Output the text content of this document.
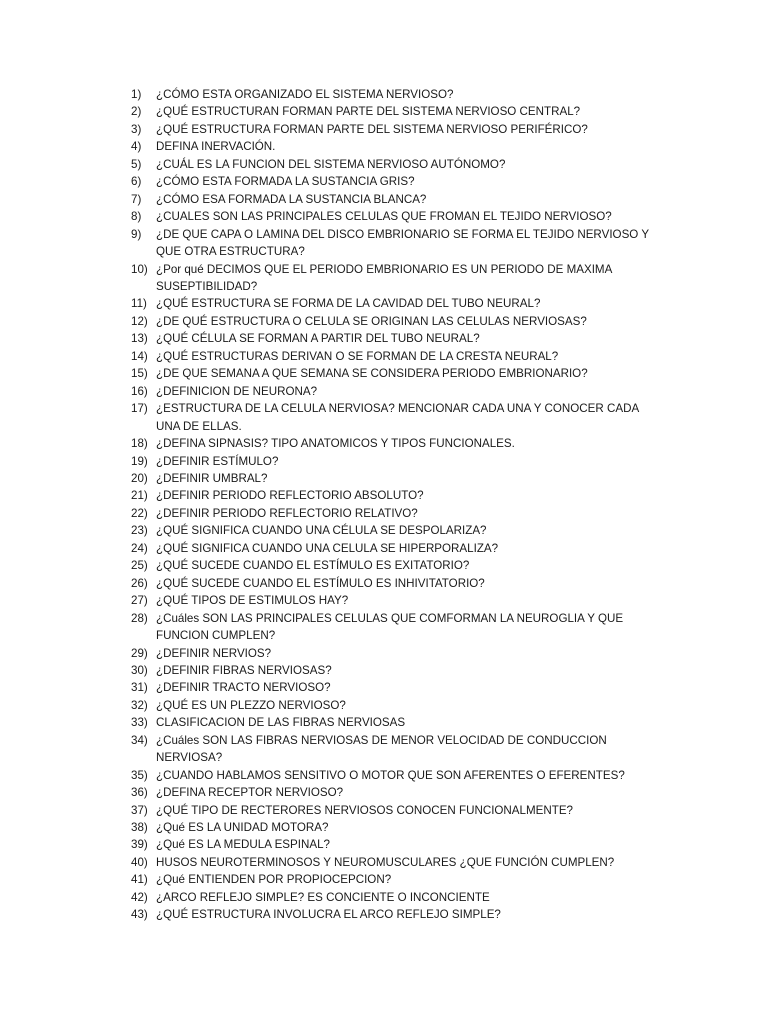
1)	¿CÓMO ESTA ORGANIZADO EL SISTEMA NERVIOSO?
2)	¿QUÉ ESTRUCTURAN FORMAN PARTE DEL SISTEMA NERVIOSO CENTRAL?
3)	¿QUÉ ESTRUCTURA FORMAN PARTE DEL SISTEMA NERVIOSO PERIFÉRICO?
4)	DEFINA INERVACIÓN.
5)	¿CUÁL ES LA FUNCION DEL SISTEMA NERVIOSO AUTÓNOMO?
6)	¿CÓMO ESTA FORMADA LA SUSTANCIA GRIS?
7)	¿CÓMO ESA FORMADA LA SUSTANCIA BLANCA?
8)	¿CUALES SON LAS PRINCIPALES CELULAS QUE FROMAN EL TEJIDO NERVIOSO?
9)	¿DE QUE CAPA O LAMINA DEL DISCO EMBRIONARIO SE FORMA EL TEJIDO NERVIOSO Y QUE OTRA ESTRUCTURA?
10) ¿Por qué DECIMOS QUE EL PERIODO EMBRIONARIO ES UN PERIODO DE MAXIMA SUSEPTIBILIDAD?
11) ¿QUÉ ESTRUCTURA SE FORMA DE LA CAVIDAD DEL TUBO NEURAL?
12) ¿DE QUÉ ESTRUCTURA O CELULA SE ORIGINAN LAS CELULAS NERVIOSAS?
13) ¿QUÉ CÉLULA SE FORMAN A PARTIR DEL TUBO NEURAL?
14) ¿QUÉ ESTRUCTURAS DERIVAN O SE FORMAN DE LA CRESTA NEURAL?
15) ¿DE QUE SEMANA A QUE SEMANA SE CONSIDERA PERIODO EMBRIONARIO?
16) ¿DEFINICION DE NEURONA?
17) ¿ESTRUCTURA DE LA CELULA NERVIOSA? MENCIONAR CADA UNA Y CONOCER CADA UNA DE ELLAS.
18) ¿DEFINA SIPNASIS? TIPO ANATOMICOS Y TIPOS FUNCIONALES.
19) ¿DEFINIR ESTÍMULO?
20) ¿DEFINIR UMBRAL?
21) ¿DEFINIR PERIODO REFLECTORIO ABSOLUTO?
22) ¿DEFINIR PERIODO REFLECTORIO RELATIVO?
23) ¿QUÉ SIGNIFICA CUANDO UNA CÉLULA SE DESPOLARIZA?
24) ¿QUÉ SIGNIFICA CUANDO UNA CELULA SE HIPERPORALIZA?
25) ¿QUÉ SUCEDE CUANDO EL ESTÍMULO ES EXITATORIO?
26) ¿QUÉ SUCEDE CUANDO EL ESTÍMULO ES INHIVITATORIO?
27) ¿QUÉ TIPOS DE ESTIMULOS HAY?
28) ¿Cuáles SON LAS PRINCIPALES CELULAS QUE COMFORMAN LA NEUROGLIA Y QUE FUNCION CUMPLEN?
29) ¿DEFINIR NERVIOS?
30) ¿DEFINIR FIBRAS NERVIOSAS?
31) ¿DEFINIR TRACTO NERVIOSO?
32) ¿QUÉ ES UN PLEZZO NERVIOSO?
33) CLASIFICACION DE LAS FIBRAS NERVIOSAS
34) ¿Cuáles SON LAS FIBRAS NERVIOSAS DE MENOR VELOCIDAD DE CONDUCCION NERVIOSA?
35) ¿CUANDO HABLAMOS SENSITIVO O MOTOR QUE SON AFERENTES O EFERENTES?
36) ¿DEFINA RECEPTOR NERVIOSO?
37) ¿QUÉ TIPO DE RECTERORES NERVIOSOS CONOCEN FUNCIONALMENTE?
38) ¿Qué ES LA UNIDAD MOTORA?
39) ¿Qué ES LA MEDULA ESPINAL?
40) HUSOS NEUROTERMINOSOS Y NEUROMUSCULARES ¿QUE FUNCIÓN CUMPLEN?
41) ¿Qué ENTIENDEN POR PROPIOCEPCION?
42) ¿ARCO REFLEJO SIMPLE? ES CONCIENTE O INCONCIENTE
43) ¿QUÉ ESTRUCTURA INVOLUCRA EL ARCO REFLEJO SIMPLE?
